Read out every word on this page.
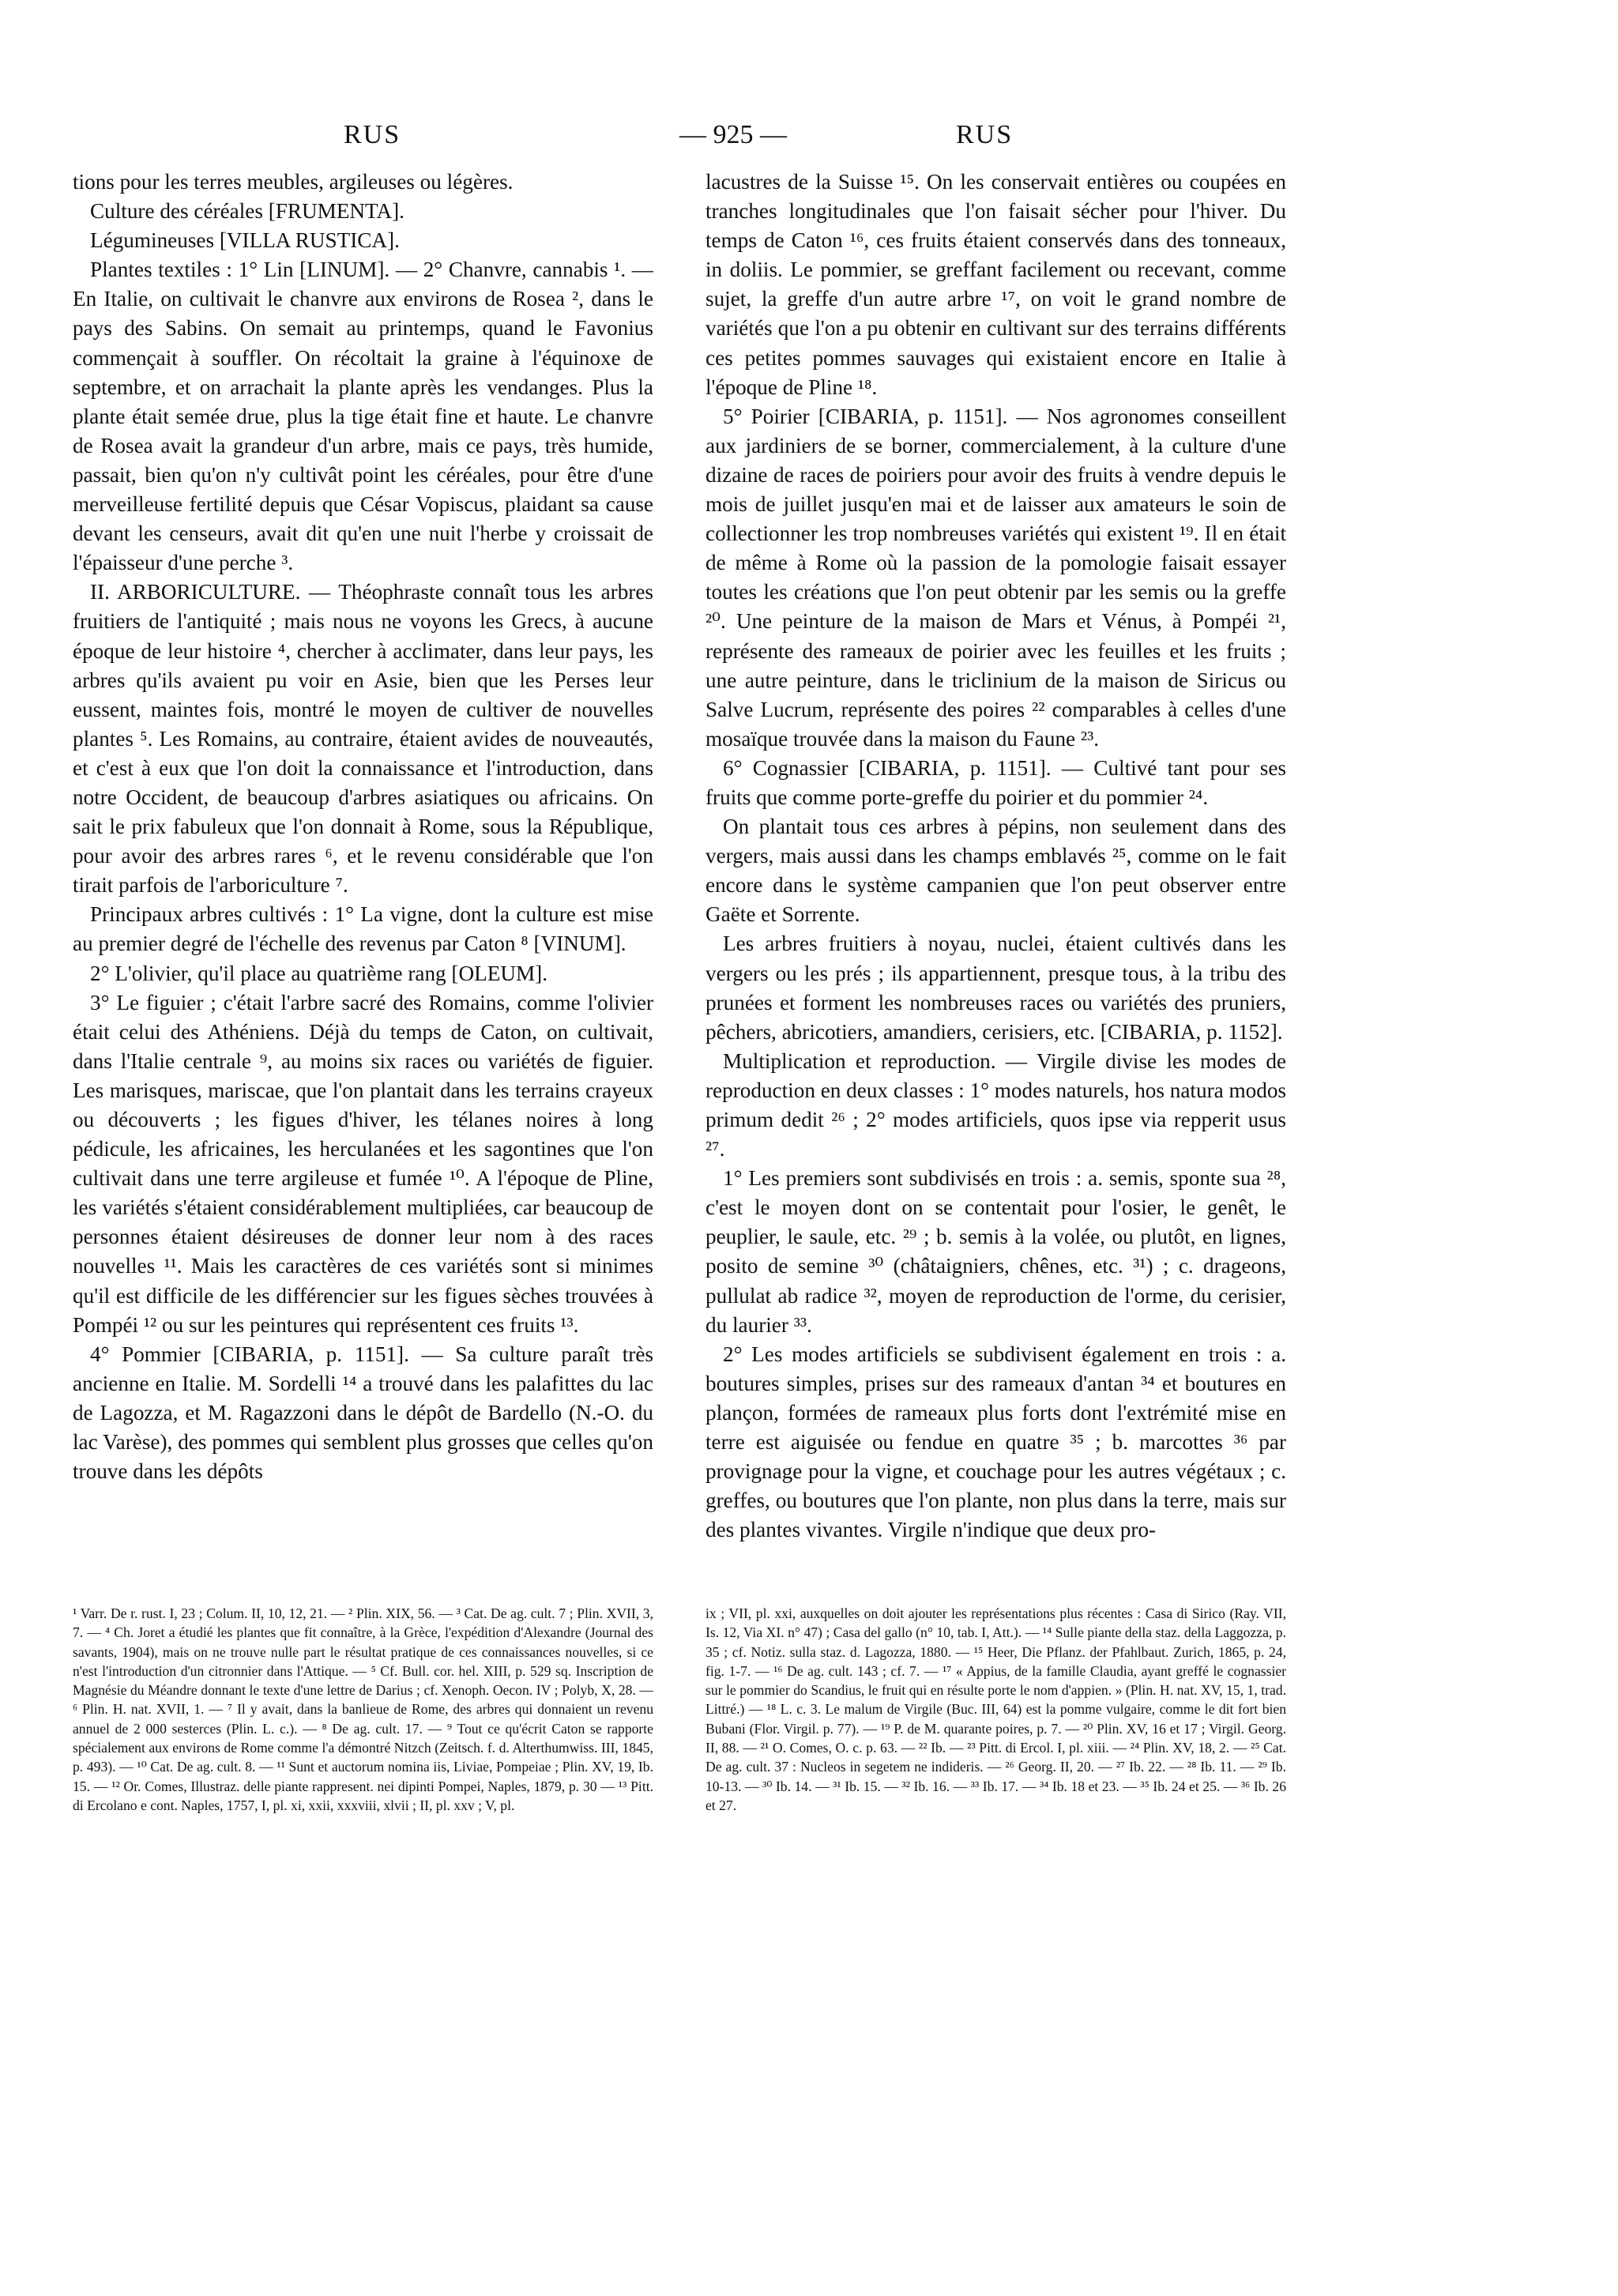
RUS	— 925 —	RUS

tions pour les terres meubles, argileuses ou légères.

Culture des céréales [FRUMENTA].

Légumineuses [VILLA RUSTICA].

Plantes textiles : 1° Lin [LINUM]. — 2° Chanvre, cannabis ¹. — En Italie, on cultivait le chanvre aux environs de Rosea ², dans le pays des Sabins. On semait au printemps, quand le Favonius commençait à souffler. On récoltait la graine à l'équinoxe de septembre, et on arrachait la plante après les vendanges. Plus la plante était semée drue, plus la tige était fine et haute. Le chanvre de Rosea avait la grandeur d'un arbre, mais ce pays, très humide, passait, bien qu'on n'y cultivât point les céréales, pour être d'une merveilleuse fertilité depuis que César Vopiscus, plaidant sa cause devant les censeurs, avait dit qu'en une nuit l'herbe y croissait de l'épaisseur d'une perche ³.

II. ARBORICULTURE. — Théophraste connaît tous les arbres fruitiers de l'antiquité ; mais nous ne voyons les Grecs, à aucune époque de leur histoire ⁴, chercher à acclimater, dans leur pays, les arbres qu'ils avaient pu voir en Asie, bien que les Perses leur eussent, maintes fois, montré le moyen de cultiver de nouvelles plantes ⁵. Les Romains, au contraire, étaient avides de nouveautés, et c'est à eux que l'on doit la connaissance et l'introduction, dans notre Occident, de beaucoup d'arbres asiatiques ou africains. On sait le prix fabuleux que l'on donnait à Rome, sous la République, pour avoir des arbres rares ⁶, et le revenu considérable que l'on tirait parfois de l'arboriculture ⁷.

Principaux arbres cultivés : 1° La vigne, dont la culture est mise au premier degré de l'échelle des revenus par Caton ⁸ [VINUM].

2° L'olivier, qu'il place au quatrième rang [OLEUM].

3° Le figuier ; c'était l'arbre sacré des Romains, comme l'olivier était celui des Athéniens. Déjà du temps de Caton, on cultivait, dans l'Italie centrale ⁹, au moins six races ou variétés de figuier. Les marisques, mariscae, que l'on plantait dans les terrains crayeux ou découverts ; les figues d'hiver, les télanes noires à long pédicule, les africaines, les herculanées et les sagontines que l'on cultivait dans une terre argileuse et fumée ¹⁰. A l'époque de Pline, les variétés s'étaient considérablement multipliées, car beaucoup de personnes étaient désireuses de donner leur nom à des races nouvelles ¹¹. Mais les caractères de ces variétés sont si minimes qu'il est difficile de les différencier sur les figues sèches trouvées à Pompéi ¹² ou sur les peintures qui représentent ces fruits ¹³.

4° Pommier [CIBARIA, p. 1151]. — Sa culture paraît très ancienne en Italie. M. Sordelli ¹⁴ a trouvé dans les palafittes du lac de Lagozza, et M. Ragazzoni dans le dépôt de Bardello (N.-O. du lac Varèse), des pommes qui semblent plus grosses que celles qu'on trouve dans les dépôts

lacustres de la Suisse ¹⁵. On les conservait entières ou coupées en tranches longitudinales que l'on faisait sécher pour l'hiver. Du temps de Caton ¹⁶, ces fruits étaient conservés dans des tonneaux, in doliis. Le pommier, se greffant facilement ou recevant, comme sujet, la greffe d'un autre arbre ¹⁷, on voit le grand nombre de variétés que l'on a pu obtenir en cultivant sur des terrains différents ces petites pommes sauvages qui existaient encore en Italie à l'époque de Pline ¹⁸.

5° Poirier [CIBARIA, p. 1151]. — Nos agronomes conseillent aux jardiniers de se borner, commercialement, à la culture d'une dizaine de races de poiriers pour avoir des fruits à vendre depuis le mois de juillet jusqu'en mai et de laisser aux amateurs le soin de collectionner les trop nombreuses variétés qui existent ¹⁹. Il en était de même à Rome où la passion de la pomologie faisait essayer toutes les créations que l'on peut obtenir par les semis ou la greffe ²⁰. Une peinture de la maison de Mars et Vénus, à Pompéi ²¹, représente des rameaux de poirier avec les feuilles et les fruits ; une autre peinture, dans le triclinium de la maison de Siricus ou Salve Lucrum, représente des poires ²² comparables à celles d'une mosaïque trouvée dans la maison du Faune ²³.

6° Cognassier [CIBARIA, p. 1151]. — Cultivé tant pour ses fruits que comme porte-greffe du poirier et du pommier ²⁴.

On plantait tous ces arbres à pépins, non seulement dans des vergers, mais aussi dans les champs emblavés ²⁵, comme on le fait encore dans le système campanien que l'on peut observer entre Gaëte et Sorrente.

Les arbres fruitiers à noyau, nuclei, étaient cultivés dans les vergers ou les prés ; ils appartiennent, presque tous, à la tribu des prunées et forment les nombreuses races ou variétés des pruniers, pêchers, abricotiers, amandiers, cerisiers, etc. [CIBARIA, p. 1152].

Multiplication et reproduction. — Virgile divise les modes de reproduction en deux classes : 1° modes naturels, hos natura modos primum dedit ²⁶ ; 2° modes artificiels, quos ipse via repperit usus ²⁷.

1° Les premiers sont subdivisés en trois : a. semis, sponte sua ²⁸, c'est le moyen dont on se contentait pour l'osier, le genêt, le peuplier, le saule, etc. ²⁹ ; b. semis à la volée, ou plutôt, en lignes, posito de semine ³⁰ (châtaigniers, chênes, etc. ³¹) ; c. drageons, pullulat ab radice ³², moyen de reproduction de l'orme, du cerisier, du laurier ³³.

2° Les modes artificiels se subdivisent également en trois : a. boutures simples, prises sur des rameaux d'antan ³⁴ et boutures en plançon, formées de rameaux plus forts dont l'extrémité mise en terre est aiguisée ou fendue en quatre ³⁵ ; b. marcottes ³⁶ par provignage pour la vigne, et couchage pour les autres végétaux ; c. greffes, ou boutures que l'on plante, non plus dans la terre, mais sur des plantes vivantes. Virgile n'indique que deux pro-

¹ Varr. De r. rust. I, 23 ; Colum. II, 10, 12, 21. — ² Plin. XIX, 56. — ³ Cat. De ag. cult. 7 ; Plin. XVII, 3, 7. — ⁴ Ch. Joret a étudié les plantes que fit connaître, à la Grèce, l'expédition d'Alexandre (Journal des savants, 1904), mais on ne trouve nulle part le résultat pratique de ces connaissances nouvelles, si ce n'est l'introduction d'un citronnier dans l'Attique. — ⁵ Cf. Bull. cor. hel. XIII, p. 529 sq. Inscription de Magnésie du Méandre donnant le texte d'une lettre de Darius ; cf. Xenoph. Oecon. IV ; Polyb, X, 28. — ⁶ Plin. H. nat. XVII, 1. — ⁷ Il y avait, dans la banlieue de Rome, des arbres qui donnaient un revenu annuel de 2 000 sesterces (Plin. L. c.). — ⁸ De ag. cult. 17. — ⁹ Tout ce qu'écrit Caton se rapporte spécialement aux environs de Rome comme l'a démontré Nitzch (Zeitsch. f. d. Alterthumwiss. III, 1845, p. 493). — ¹⁰ Cat. De ag. cult. 8. — ¹¹ Sunt et auctorum nomina iis, Liviae, Pompeiae ; Plin. XV, 19, Ib. 15. — ¹² Or. Comes, Illustraz. delle piante rappresent. nei dipinti Pompei, Naples, 1879, p. 30 — ¹³ Pitt. di Ercolano e cont. Naples, 1757, I, pl. xi, xxii, xxxviii, xlvii ; II, pl. xxv ; V, pl.

ix ; VII, pl. xxi, auxquelles on doit ajouter les représentations plus récentes : Casa di Sirico (Ray. VII, Is. 12, Via XI. n° 47) ; Casa del gallo (n° 10, tab. I, Att.). — ¹⁴ Sulle piante della staz. della Laggozza, p. 35 ; cf. Notiz. sulla staz. d. Lagozza, 1880. — ¹⁵ Heer, Die Pflanz. der Pfahlbaut. Zurich, 1865, p. 24, fig. 1-7. — ¹⁶ De ag. cult. 143 ; cf. 7. — ¹⁷ « Appius, de la famille Claudia, ayant greffé le cognassier sur le pommier do Scandius, le fruit qui en résulte porte le nom d'appien. » (Plin. H. nat. XV, 15, 1, trad. Littré.) — ¹⁸ L. c. 3. Le malum de Virgile (Buc. III, 64) est la pomme vulgaire, comme le dit fort bien Bubani (Flor. Virgil. p. 77). — ¹⁹ P. de M. quarante poires, p. 7. — ²⁰ Plin. XV, 16 et 17 ; Virgil. Georg. II, 88. — ²¹ O. Comes, O. c. p. 63. — ²² Ib. — ²³ Pitt. di Ercol. I, pl. xiii. — ²⁴ Plin. XV, 18, 2. — ²⁵ Cat. De ag. cult. 37 : Nucleos in segetem ne indideris. — ²⁶ Georg. II, 20. — ²⁷ Ib. 22. — ²⁸ Ib. 11. — ²⁹ Ib. 10-13. — ³⁰ Ib. 14. — ³¹ Ib. 15. — ³² Ib. 16. — ³³ Ib. 17. — ³⁴ Ib. 18 et 23. — ³⁵ Ib. 24 et 25. — ³⁶ Ib. 26 et 27.
